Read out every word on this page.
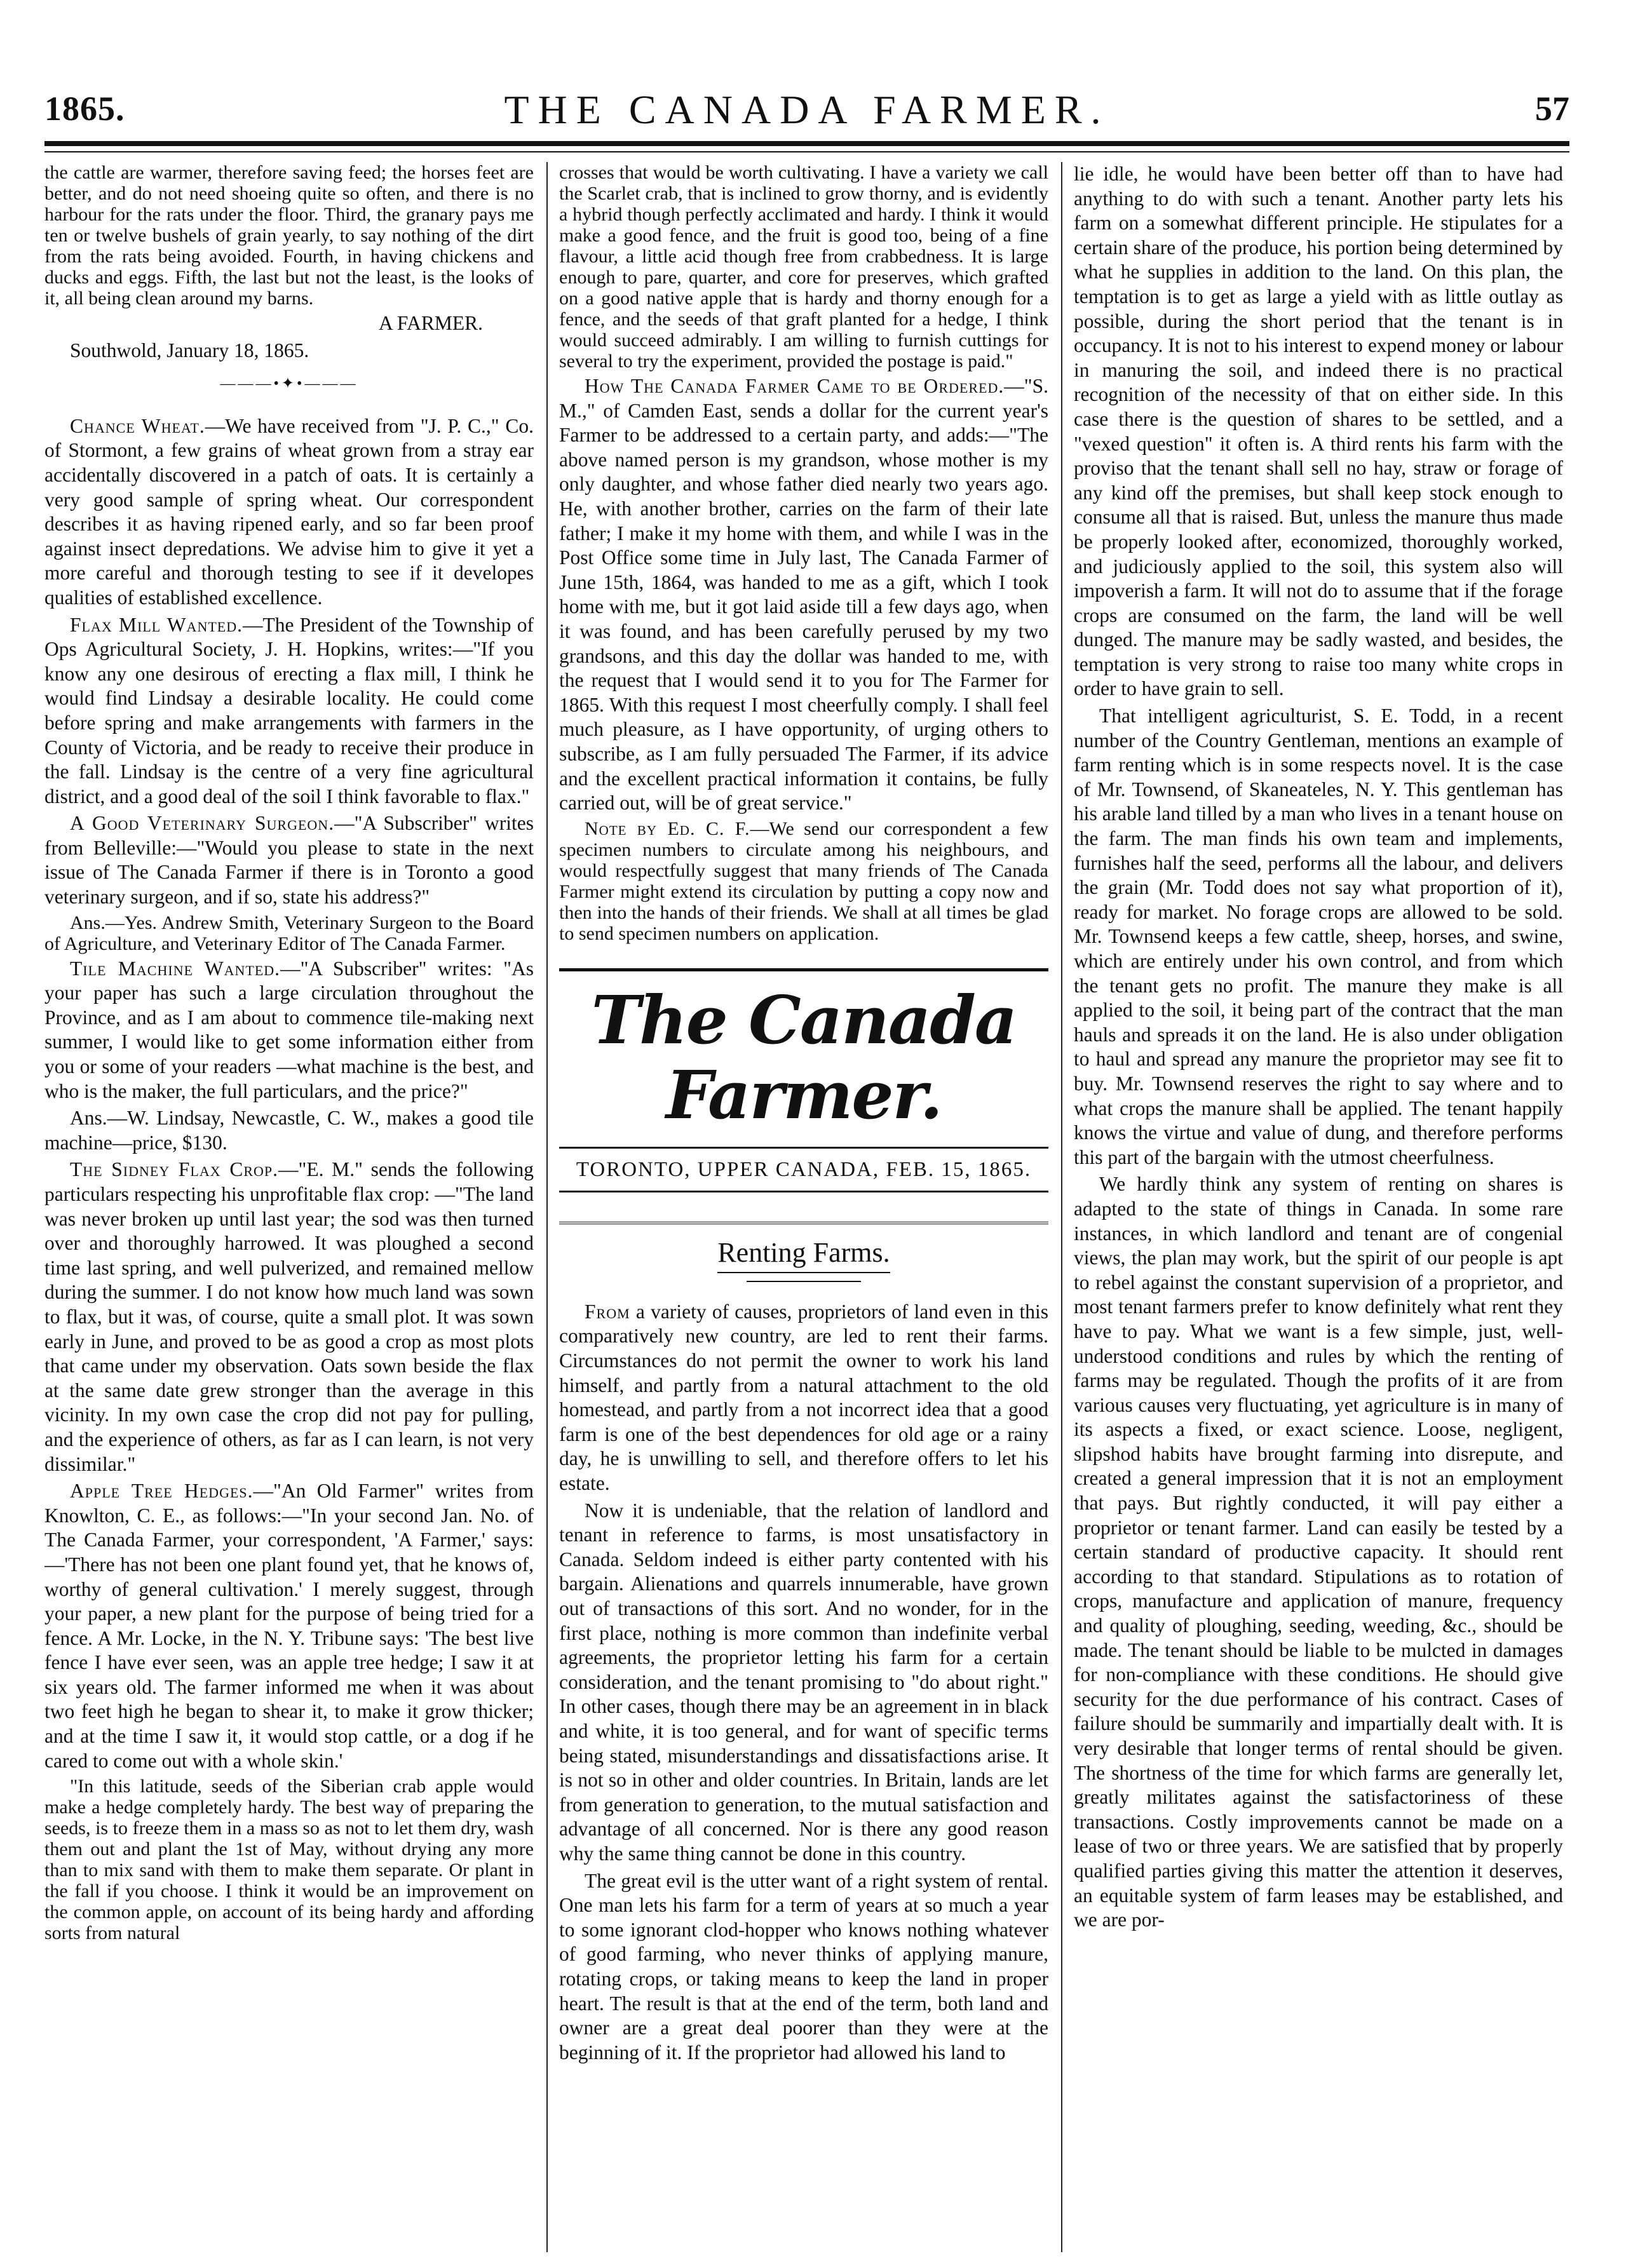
1865.	THE CANADA FARMER.	57

the cattle are warmer, therefore saving feed; the horses feet are better, and do not need shoeing quite so often, and there is no harbour for the rats under the floor. Third, the granary pays me ten or twelve bushels of grain yearly, to say nothing of the dirt from the rats being avoided. Fourth, in having chickens and ducks and eggs. Fifth, the last but not the least, is the looks of it, all being clean around my barns.

A FARMER.

Southwold, January 18, 1865.

———•✦•———

Chance Wheat.—We have received from "J. P. C.," Co. of Stormont, a few grains of wheat grown from a stray ear accidentally discovered in a patch of oats. It is certainly a very good sample of spring wheat. Our correspondent describes it as having ripened early, and so far been proof against insect depredations. We advise him to give it yet a more careful and thorough testing to see if it developes qualities of established excellence.

Flax Mill Wanted.—The President of the Township of Ops Agricultural Society, J. H. Hopkins, writes:—"If you know any one desirous of erecting a flax mill, I think he would find Lindsay a desirable locality. He could come before spring and make arrangements with farmers in the County of Victoria, and be ready to receive their produce in the fall. Lindsay is the centre of a very fine agricultural district, and a good deal of the soil I think favorable to flax."

A Good Veterinary Surgeon.—"A Subscriber" writes from Belleville:—"Would you please to state in the next issue of The Canada Farmer if there is in Toronto a good veterinary surgeon, and if so, state his address?"

Ans.—Yes. Andrew Smith, Veterinary Surgeon to the Board of Agriculture, and Veterinary Editor of The Canada Farmer.

Tile Machine Wanted.—"A Subscriber" writes: "As your paper has such a large circulation throughout the Province, and as I am about to commence tile-making next summer, I would like to get some information either from you or some of your readers —what machine is the best, and who is the maker, the full particulars, and the price?"

Ans.—W. Lindsay, Newcastle, C. W., makes a good tile machine—price, $130.

The Sidney Flax Crop.—"E. M." sends the following particulars respecting his unprofitable flax crop: —"The land was never broken up until last year; the sod was then turned over and thoroughly harrowed. It was ploughed a second time last spring, and well pulverized, and remained mellow during the summer. I do not know how much land was sown to flax, but it was, of course, quite a small plot. It was sown early in June, and proved to be as good a crop as most plots that came under my observation. Oats sown beside the flax at the same date grew stronger than the average in this vicinity. In my own case the crop did not pay for pulling, and the experience of others, as far as I can learn, is not very dissimilar."

Apple Tree Hedges.—"An Old Farmer" writes from Knowlton, C. E., as follows:—"In your second Jan. No. of The Canada Farmer, your correspondent, 'A Farmer,' says:—'There has not been one plant found yet, that he knows of, worthy of general cultivation.' I merely suggest, through your paper, a new plant for the purpose of being tried for a fence. A Mr. Locke, in the N. Y. Tribune says: 'The best live fence I have ever seen, was an apple tree hedge; I saw it at six years old. The farmer informed me when it was about two feet high he began to shear it, to make it grow thicker; and at the time I saw it, it would stop cattle, or a dog if he cared to come out with a whole skin.'

"In this latitude, seeds of the Siberian crab apple would make a hedge completely hardy. The best way of preparing the seeds, is to freeze them in a mass so as not to let them dry, wash them out and plant the 1st of May, without drying any more than to mix sand with them to make them separate. Or plant in the fall if you choose. I think it would be an improvement on the common apple, on account of its being hardy and affording sorts from natural

crosses that would be worth cultivating. I have a variety we call the Scarlet crab, that is inclined to grow thorny, and is evidently a hybrid though perfectly acclimated and hardy. I think it would make a good fence, and the fruit is good too, being of a fine flavour, a little acid though free from crabbedness. It is large enough to pare, quarter, and core for preserves, which grafted on a good native apple that is hardy and thorny enough for a fence, and the seeds of that graft planted for a hedge, I think would succeed admirably. I am willing to furnish cuttings for several to try the experiment, provided the postage is paid."

How The Canada Farmer Came to be Ordered.—"S. M.," of Camden East, sends a dollar for the current year's Farmer to be addressed to a certain party, and adds:—"The above named person is my grandson, whose mother is my only daughter, and whose father died nearly two years ago. He, with another brother, carries on the farm of their late father; I make it my home with them, and while I was in the Post Office some time in July last, The Canada Farmer of June 15th, 1864, was handed to me as a gift, which I took home with me, but it got laid aside till a few days ago, when it was found, and has been carefully perused by my two grandsons, and this day the dollar was handed to me, with the request that I would send it to you for The Farmer for 1865. With this request I most cheerfully comply. I shall feel much pleasure, as I have opportunity, of urging others to subscribe, as I am fully persuaded The Farmer, if its advice and the excellent practical information it contains, be fully carried out, will be of great service."

Note by Ed. C. F.—We send our correspondent a few specimen numbers to circulate among his neighbours, and would respectfully suggest that many friends of The Canada Farmer might extend its circulation by putting a copy now and then into the hands of their friends. We shall at all times be glad to send specimen numbers on application.

The Canada Farmer.
TORONTO, UPPER CANADA, FEB. 15, 1865.
Renting Farms.

From a variety of causes, proprietors of land even in this comparatively new country, are led to rent their farms. Circumstances do not permit the owner to work his land himself, and partly from a natural attachment to the old homestead, and partly from a not incorrect idea that a good farm is one of the best dependences for old age or a rainy day, he is unwilling to sell, and therefore offers to let his estate.

Now it is undeniable, that the relation of landlord and tenant in reference to farms, is most unsatisfactory in Canada. Seldom indeed is either party contented with his bargain. Alienations and quarrels innumerable, have grown out of transactions of this sort. And no wonder, for in the first place, nothing is more common than indefinite verbal agreements, the proprietor letting his farm for a certain consideration, and the tenant promising to "do about right." In other cases, though there may be an agreement in in black and white, it is too general, and for want of specific terms being stated, misunderstandings and dissatisfactions arise. It is not so in other and older countries. In Britain, lands are let from generation to generation, to the mutual satisfaction and advantage of all concerned. Nor is there any good reason why the same thing cannot be done in this country.

The great evil is the utter want of a right system of rental. One man lets his farm for a term of years at so much a year to some ignorant clod-hopper who knows nothing whatever of good farming, who never thinks of applying manure, rotating crops, or taking means to keep the land in proper heart. The result is that at the end of the term, both land and owner are a great deal poorer than they were at the beginning of it. If the proprietor had allowed his land to

lie idle, he would have been better off than to have had anything to do with such a tenant. Another party lets his farm on a somewhat different principle. He stipulates for a certain share of the produce, his portion being determined by what he supplies in addition to the land. On this plan, the temptation is to get as large a yield with as little outlay as possible, during the short period that the tenant is in occupancy. It is not to his interest to expend money or labour in manuring the soil, and indeed there is no practical recognition of the necessity of that on either side. In this case there is the question of shares to be settled, and a "vexed question" it often is. A third rents his farm with the proviso that the tenant shall sell no hay, straw or forage of any kind off the premises, but shall keep stock enough to consume all that is raised. But, unless the manure thus made be properly looked after, economized, thoroughly worked, and judiciously applied to the soil, this system also will impoverish a farm. It will not do to assume that if the forage crops are consumed on the farm, the land will be well dunged. The manure may be sadly wasted, and besides, the temptation is very strong to raise too many white crops in order to have grain to sell.

That intelligent agriculturist, S. E. Todd, in a recent number of the Country Gentleman, mentions an example of farm renting which is in some respects novel. It is the case of Mr. Townsend, of Skaneateles, N. Y. This gentleman has his arable land tilled by a man who lives in a tenant house on the farm. The man finds his own team and implements, furnishes half the seed, performs all the labour, and delivers the grain (Mr. Todd does not say what proportion of it), ready for market. No forage crops are allowed to be sold. Mr. Townsend keeps a few cattle, sheep, horses, and swine, which are entirely under his own control, and from which the tenant gets no profit. The manure they make is all applied to the soil, it being part of the contract that the man hauls and spreads it on the land. He is also under obligation to haul and spread any manure the proprietor may see fit to buy. Mr. Townsend reserves the right to say where and to what crops the manure shall be applied. The tenant happily knows the virtue and value of dung, and therefore performs this part of the bargain with the utmost cheerfulness.

We hardly think any system of renting on shares is adapted to the state of things in Canada. In some rare instances, in which landlord and tenant are of congenial views, the plan may work, but the spirit of our people is apt to rebel against the constant supervision of a proprietor, and most tenant farmers prefer to know definitely what rent they have to pay. What we want is a few simple, just, well-understood conditions and rules by which the renting of farms may be regulated. Though the profits of it are from various causes very fluctuating, yet agriculture is in many of its aspects a fixed, or exact science. Loose, negligent, slipshod habits have brought farming into disrepute, and created a general impression that it is not an employment that pays. But rightly conducted, it will pay either a proprietor or tenant farmer. Land can easily be tested by a certain standard of productive capacity. It should rent according to that standard. Stipulations as to rotation of crops, manufacture and application of manure, frequency and quality of ploughing, seeding, weeding, &c., should be made. The tenant should be liable to be mulcted in damages for non-compliance with these conditions. He should give security for the due performance of his contract. Cases of failure should be summarily and impartially dealt with. It is very desirable that longer terms of rental should be given. The shortness of the time for which farms are generally let, greatly militates against the satisfactoriness of these transactions. Costly improvements cannot be made on a lease of two or three years. We are satisfied that by properly qualified parties giving this matter the attention it deserves, an equitable system of farm leases may be established, and we are por-
